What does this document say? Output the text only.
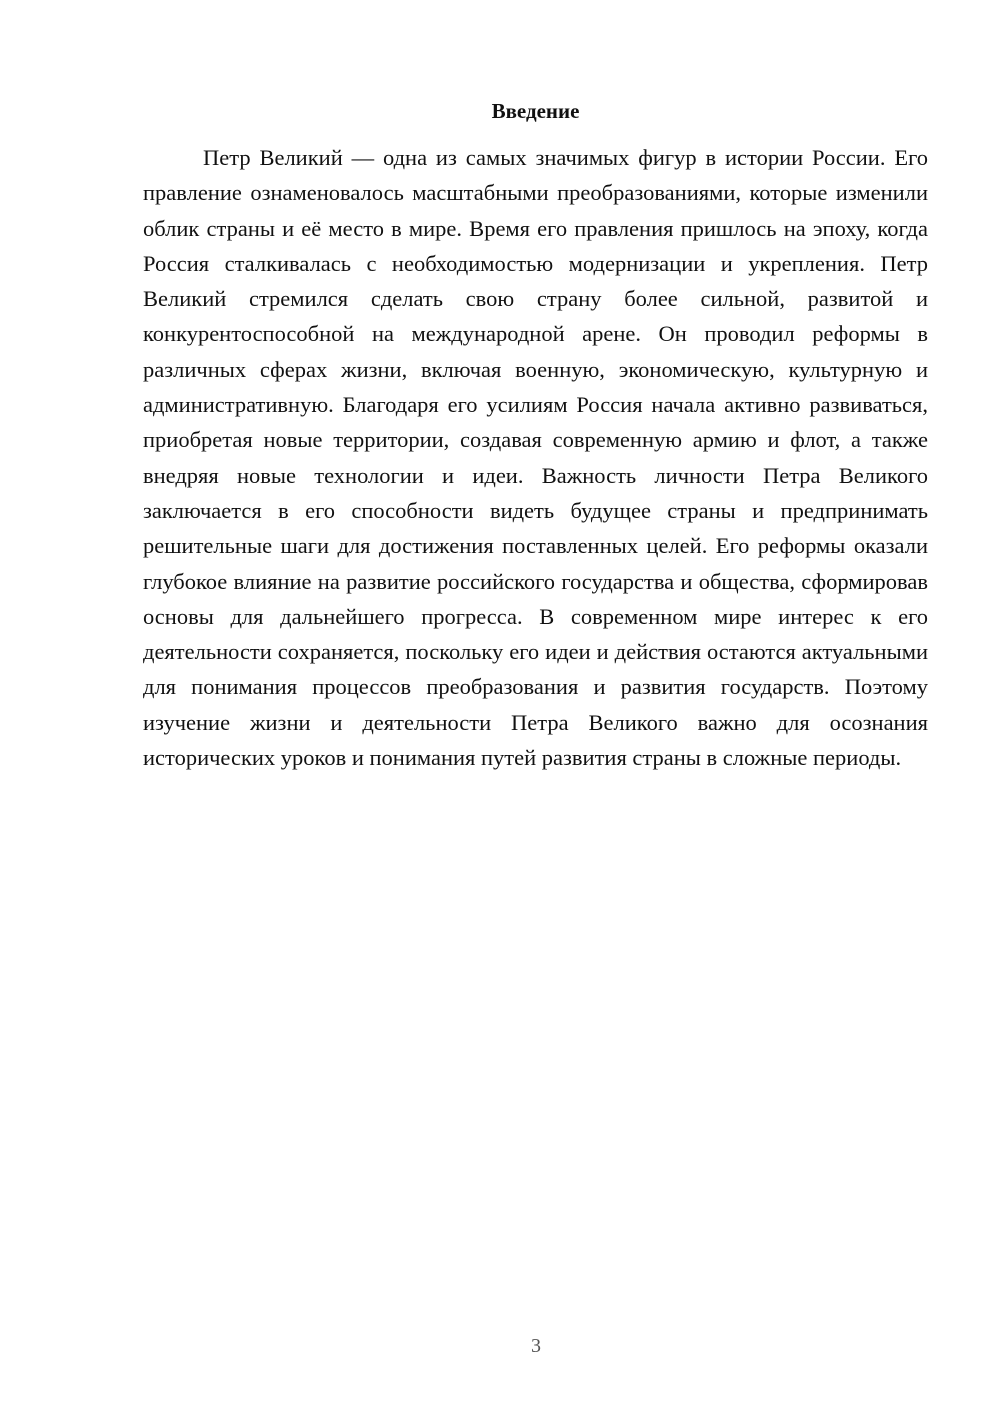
Введение

Петр Великий — одна из самых значимых фигур в истории России. Его правление ознаменовалось масштабными преобразованиями, которые изменили облик страны и её место в мире. Время его правления пришлось на эпоху, когда Россия сталкивалась с необходимостью модернизации и укрепления. Петр Великий стремился сделать свою страну более сильной, развитой и конкурентоспособной на международной арене. Он проводил реформы в различных сферах жизни, включая военную, экономическую, культурную и административную. Благодаря его усилиям Россия начала активно развиваться, приобретая новые территории, создавая современную армию и флот, а также внедряя новые технологии и идеи. Важность личности Петра Великого заключается в его способности видеть будущее страны и предпринимать решительные шаги для достижения поставленных целей. Его реформы оказали глубокое влияние на развитие российского государства и общества, сформировав основы для дальнейшего прогресса. В современном мире интерес к его деятельности сохраняется, поскольку его идеи и действия остаются актуальными для понимания процессов преобразования и развития государств. Поэтому изучение жизни и деятельности Петра Великого важно для осознания исторических уроков и понимания путей развития страны в сложные периоды.

3
